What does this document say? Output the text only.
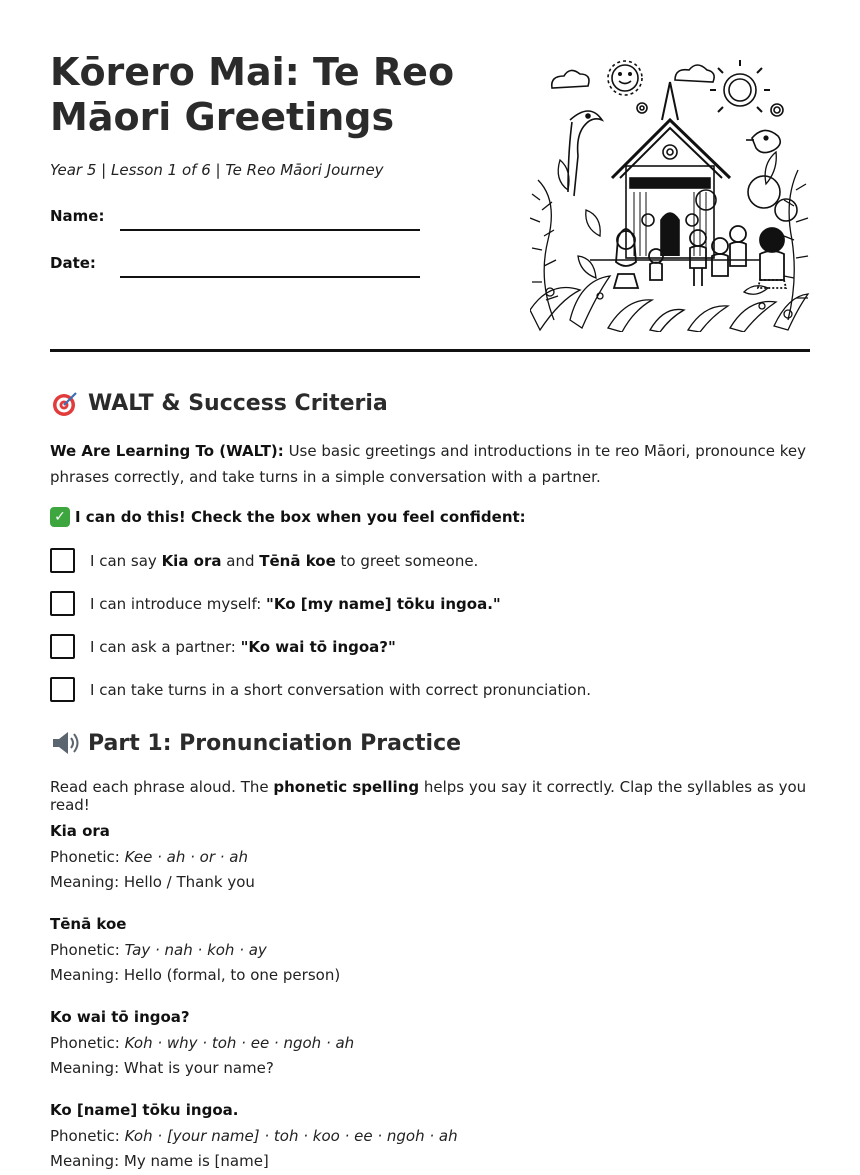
Kōrero Mai: Te Reo
Māori Greetings

Year 5 | Lesson 1 of 6 | Te Reo Māori Journey

Name:
Date:
WALT & Success Criteria

We Are Learning To (WALT): Use basic greetings and introductions in te reo Māori, pronounce key phrases correctly, and take turns in a simple conversation with a partner.

✓ I can do this! Check the box when you feel confident:
I can say Kia ora and Tēnā koe to greet someone.
I can introduce myself: "Ko [my name] tōku ingoa."
I can ask a partner: "Ko wai tō ingoa?"
I can take turns in a short conversation with correct pronunciation.
Part 1: Pronunciation Practice

Read each phrase aloud. The phonetic spelling helps you say it correctly. Clap the syllables as you read!

Kia ora
Phonetic: Kee · ah · or · ah
Meaning: Hello / Thank you
Tēnā koe
Phonetic: Tay · nah · koh · ay
Meaning: Hello (formal, to one person)
Ko wai tō ingoa?
Phonetic: Koh · why · toh · ee · ngoh · ah
Meaning: What is your name?
Ko [name] tōku ingoa.
Phonetic: Koh · [your name] · toh · koo · ee · ngoh · ah
Meaning: My name is [name]
